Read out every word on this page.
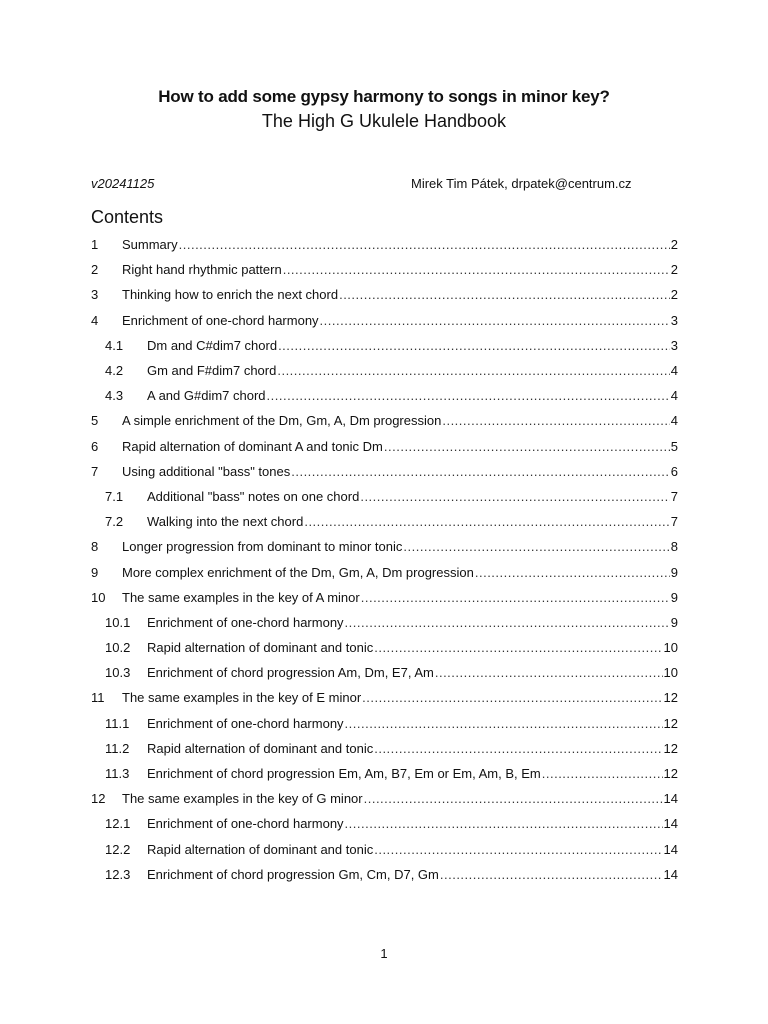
How to add some gypsy harmony to songs in minor key?
The High G Ukulele Handbook
v20241125	Mirek Tim Pátek, drpatek@centrum.cz
Contents
1	Summary .....	2
2	Right hand rhythmic pattern .....	2
3	Thinking how to enrich the next chord .....	2
4	Enrichment of one-chord harmony .....	3
4.1	Dm and C#dim7 chord .....	3
4.2	Gm and F#dim7 chord .....	4
4.3	A and G#dim7 chord .....	4
5	A simple enrichment of the Dm, Gm, A, Dm progression .....	4
6	Rapid alternation of dominant A and tonic Dm .....	5
7	Using additional "bass" tones .....	6
7.1	Additional "bass" notes on one chord .....	7
7.2	Walking into the next chord .....	7
8	Longer progression from dominant to minor tonic .....	8
9	More complex enrichment of the Dm, Gm, A, Dm progression .....	9
10	The same examples in the key of A minor .....	9
10.1	Enrichment of one-chord harmony .....	9
10.2	Rapid alternation of dominant and tonic .....	10
10.3	Enrichment of chord progression Am, Dm, E7, Am .....	10
11	The same examples in the key of E minor .....	12
11.1	Enrichment of one-chord harmony .....	12
11.2	Rapid alternation of dominant and tonic .....	12
11.3	Enrichment of chord progression Em, Am, B7, Em or Em, Am, B, Em .....	12
12	The same examples in the key of G minor .....	14
12.1	Enrichment of one-chord harmony .....	14
12.2	Rapid alternation of dominant and tonic .....	14
12.3	Enrichment of chord progression Gm, Cm, D7, Gm .....	14
1
